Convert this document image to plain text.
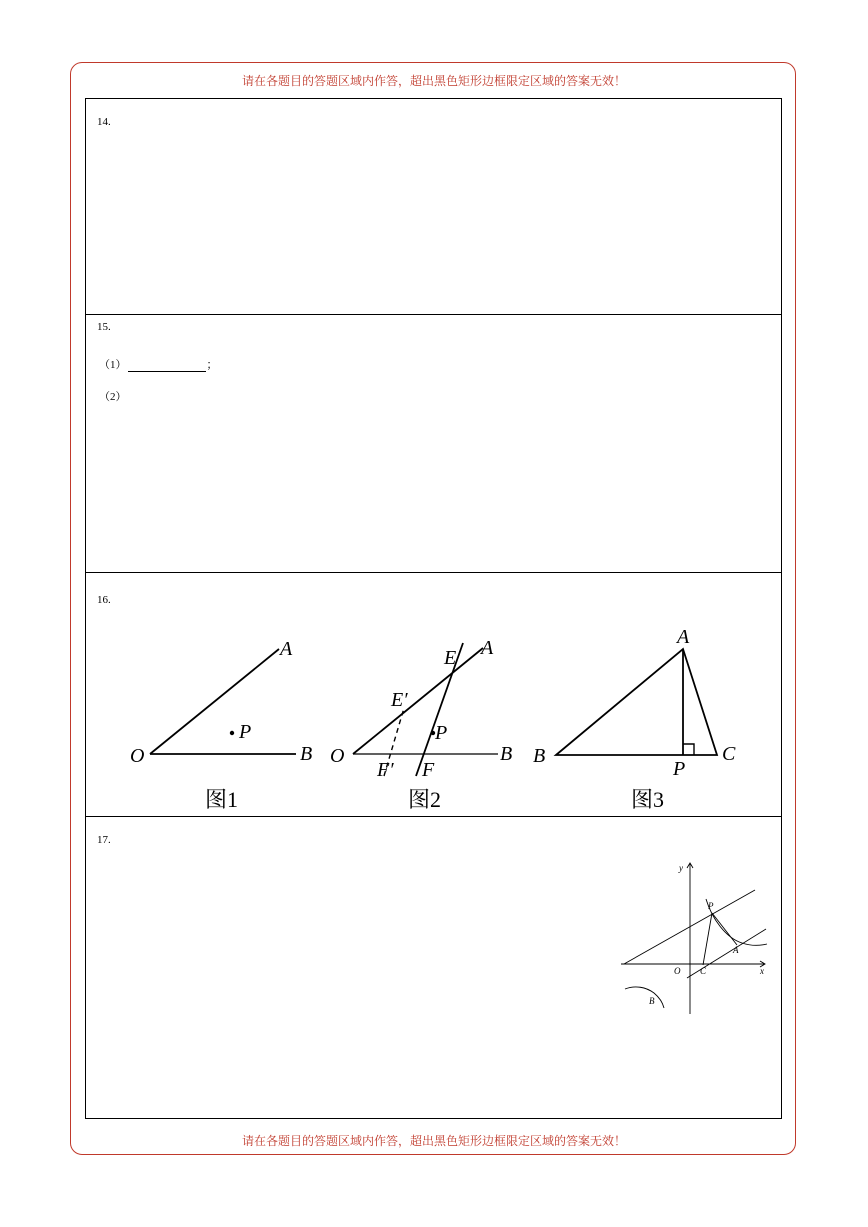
请在各题目的答题区域内作答，超出黑色矩形边框限定区域的答案无效！
14.
15.
（1）	；
（2）
16.
A
O	B
P
图1
E A
E′
P
O	B
F′ F
图2
A
B	C
P
图3
17.
y
x
O C
P
A
B
请在各题目的答题区域内作答，超出黑色矩形边框限定区域的答案无效！
